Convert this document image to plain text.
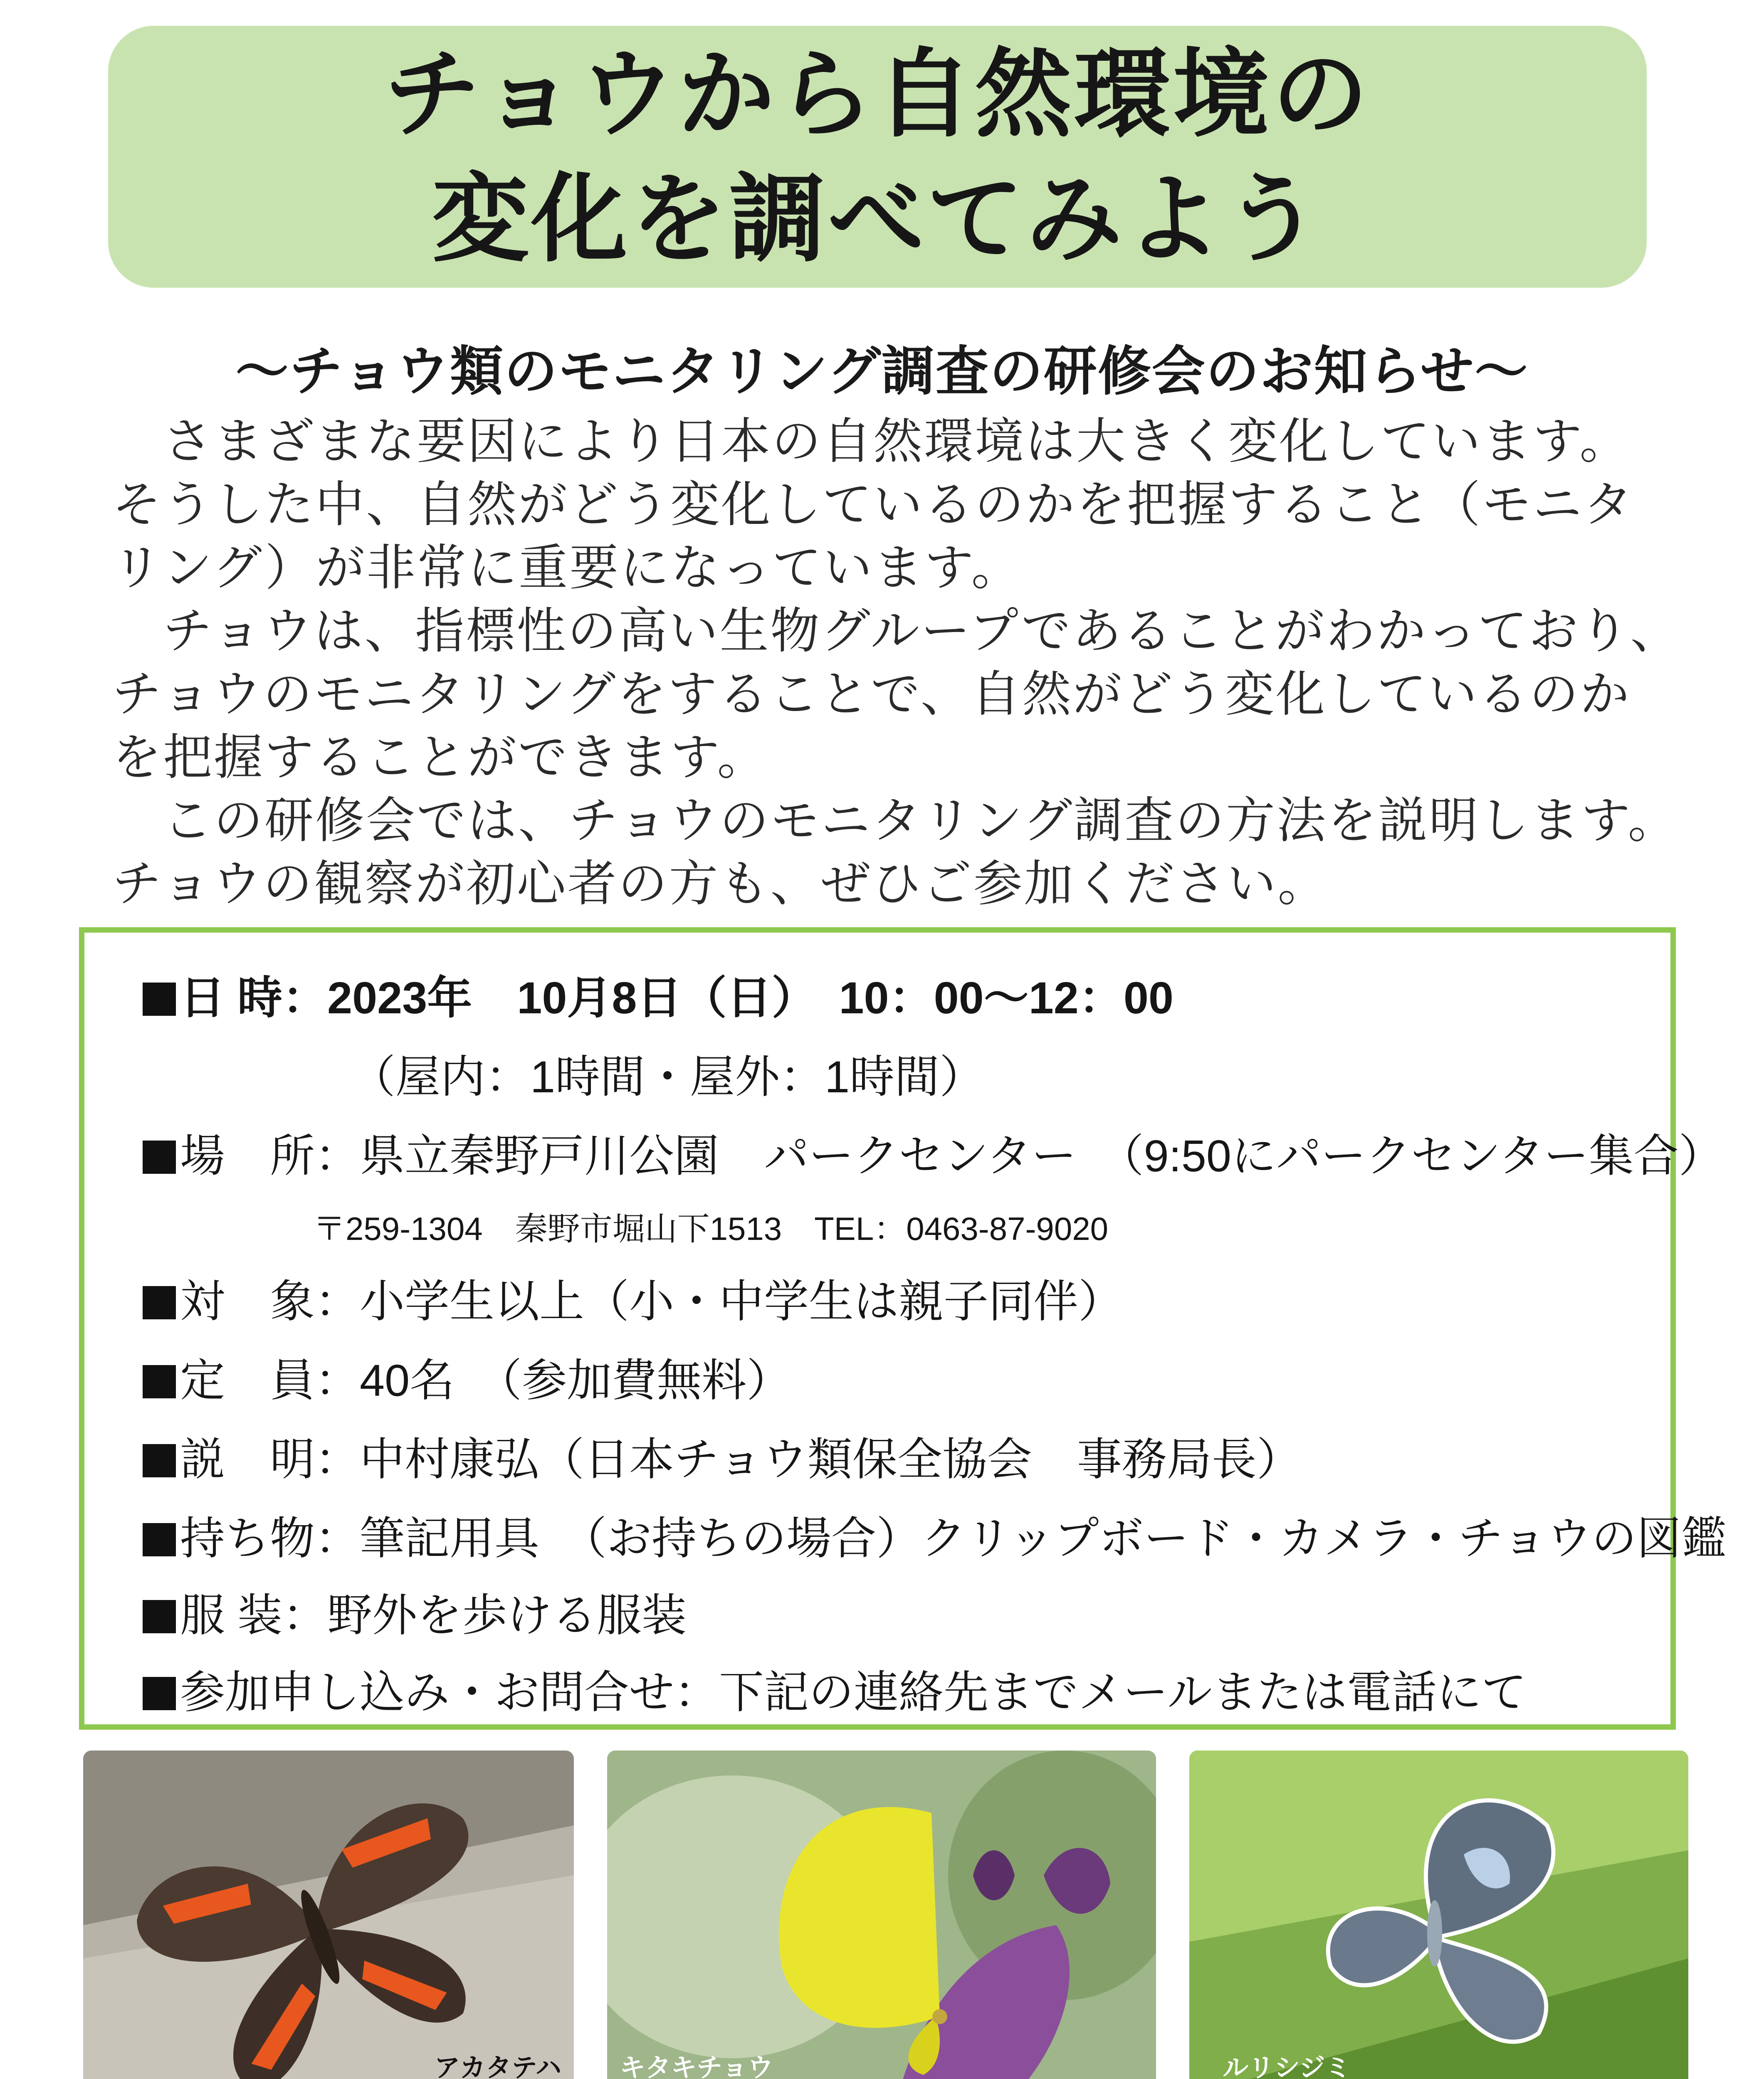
チョウから自然環境の
変化を調べてみよう
～チョウ類のモニタリング調査の研修会のお知らせ～
　さまざまな要因により日本の自然環境は大きく変化しています。
そうした中、自然がどう変化しているのかを把握すること（モニタ
リング）が非常に重要になっています。
　チョウは、指標性の高い生物グループであることがわかっており、
チョウのモニタリングをすることで、自然がどう変化しているのか
を把握することができます。
　この研修会では、チョウのモニタリング調査の方法を説明します。
チョウの観察が初心者の方も、ぜひご参加ください。
日 時：2023年　10月8日（日）　10：00～12：00
（屋内：1時間・屋外：1時間）
場　所：県立秦野戸川公園　パークセンター　（9:50にパークセンター集合）
〒259-1304　秦野市堀山下1513　TEL：0463-87-9020
対　象：小学生以上（小・中学生は親子同伴）
定　員：40名　（参加費無料）
説　明：中村康弘（日本チョウ類保全協会　事務局長）
持ち物：筆記用具　（お持ちの場合）クリップボード・カメラ・チョウの図鑑
服 装：野外を歩ける服装
参加申し込み・お問合せ：下記の連絡先までメールまたは電話にて
アカタテハ キタキチョウ	ルリシジミ
